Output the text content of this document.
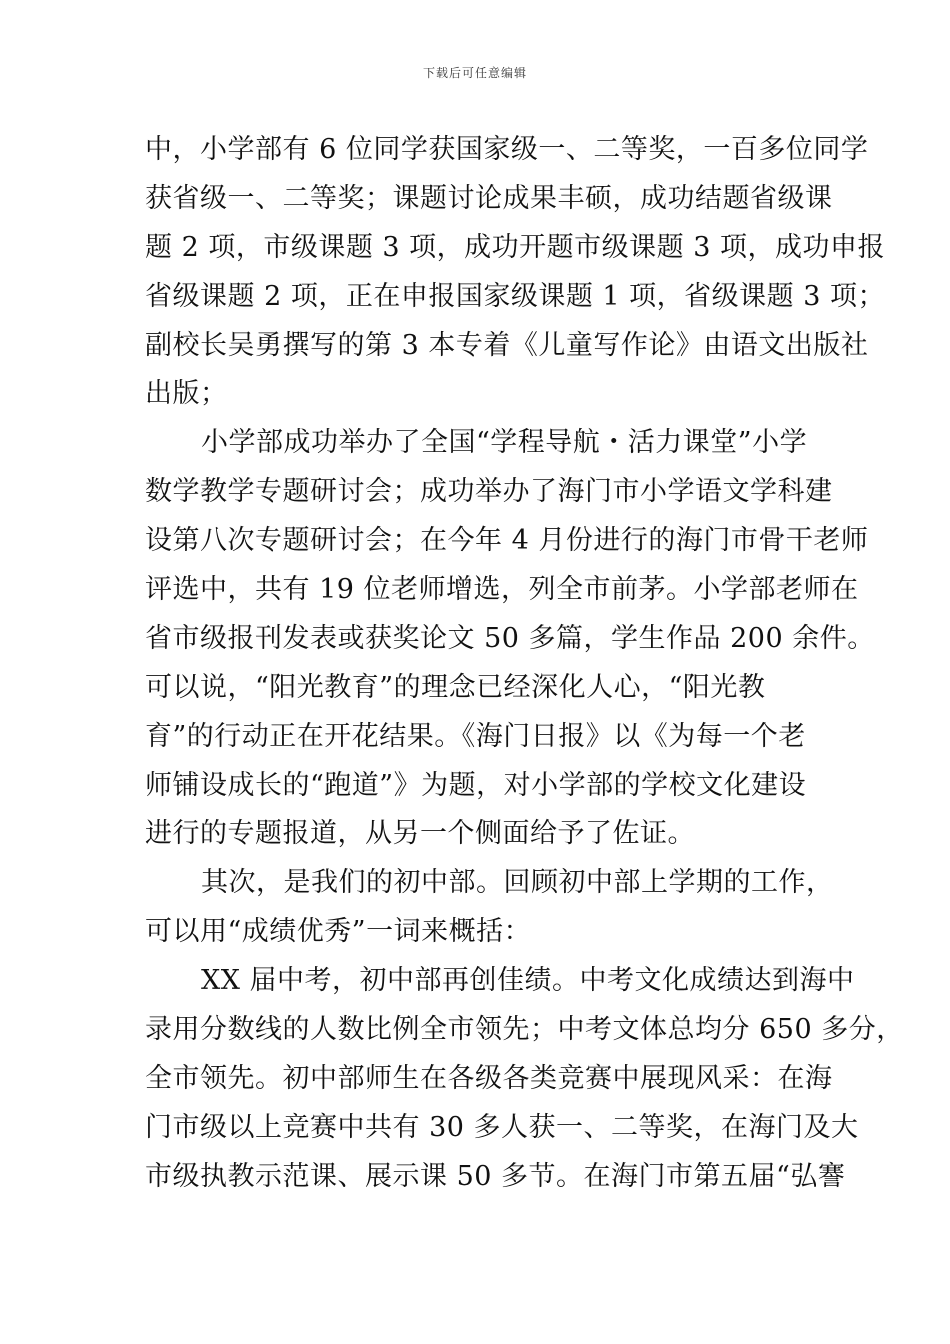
下载后可任意编辑
中，小学部有 6 位同学获国家级一、二等奖，一百多位同学
获省级一、二等奖；课题讨论成果丰硕，成功结题省级课
题 2 项，市级课题 3 项，成功开题市级课题 3 项，成功申报
省级课题 2 项，正在申报国家级课题 1 项，省级课题 3 项；
副校长吴勇撰写的第 3 本专着《儿童写作论》由语文出版社
出版；
小学部成功举办了全国“学程导航・活力课堂”小学
数学教学专题研讨会；成功举办了海门市小学语文学科建
设第八次专题研讨会；在今年 4 月份进行的海门市骨干老师
评选中，共有 19 位老师增选，列全市前茅。小学部老师在
省市级报刊发表或获奖论文 50 多篇，学生作品 200 余件。
可以说，“阳光教育”的理念已经深化人心，“阳光教
育”的行动正在开花结果。《海门日报》以《为每一个老
师铺设成长的“跑道”》为题，对小学部的学校文化建设
进行的专题报道，从另一个侧面给予了佐证。
其次，是我们的初中部。回顾初中部上学期的工作，
可以用“成绩优秀”一词来概括：
XX 届中考，初中部再创佳绩。中考文化成绩达到海中
录用分数线的人数比例全市领先；中考文体总均分 650 多分，
全市领先。初中部师生在各级各类竞赛中展现风采：在海
门市级以上竞赛中共有 30 多人获一、二等奖，在海门及大
市级执教示范课、展示课 50 多节。在海门市第五届“弘謇
